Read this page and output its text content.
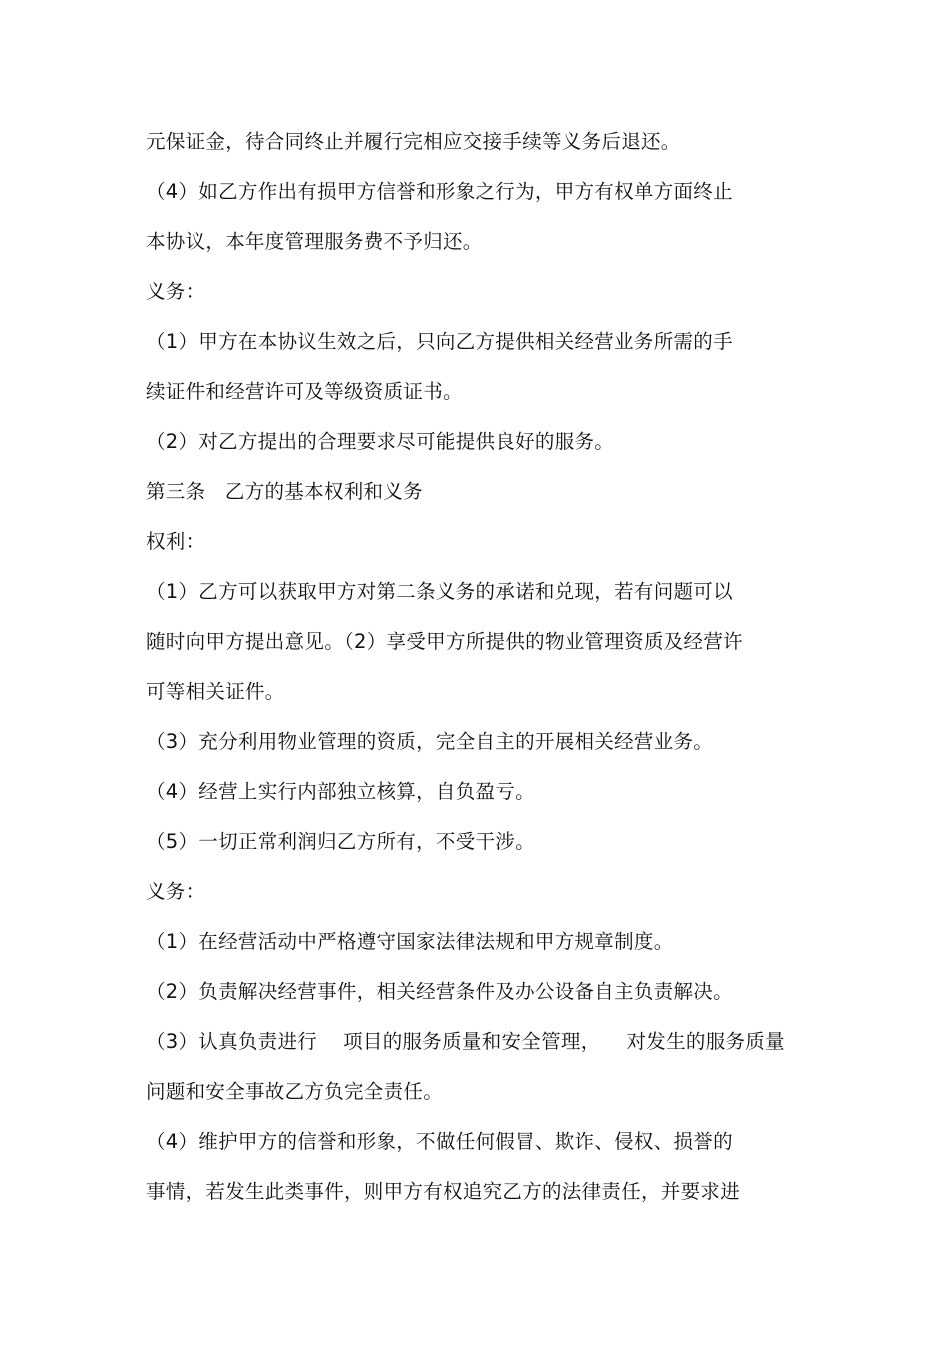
元保证金，待合同终止并履行完相应交接手续等义务后退还。
（4）如乙方作出有损甲方信誉和形象之行为，甲方有权单方面终止
本协议，本年度管理服务费不予归还。
义务：
（1）甲方在本协议生效之后，只向乙方提供相关经营业务所需的手
续证件和经营许可及等级资质证书。
（2）对乙方提出的合理要求尽可能提供良好的服务。
第三条   乙方的基本权利和义务
权利：
（1）乙方可以获取甲方对第二条义务的承诺和兑现，若有问题可以
随时向甲方提出意见。（2）享受甲方所提供的物业管理资质及经营许
可等相关证件。
（3）充分利用物业管理的资质，完全自主的开展相关经营业务。
（4）经营上实行内部独立核算，自负盈亏。
（5）一切正常利润归乙方所有，不受干涉。
义务：
（1）在经营活动中严格遵守国家法律法规和甲方规章制度。
（2）负责解决经营事件，相关经营条件及办公设备自主负责解决。
（3）认真负责进行    项目的服务质量和安全管理，    对发生的服务质量
问题和安全事故乙方负完全责任。
（4）维护甲方的信誉和形象，不做任何假冒、欺诈、侵权、损誉的
事情，若发生此类事件，则甲方有权追究乙方的法律责任，并要求进
